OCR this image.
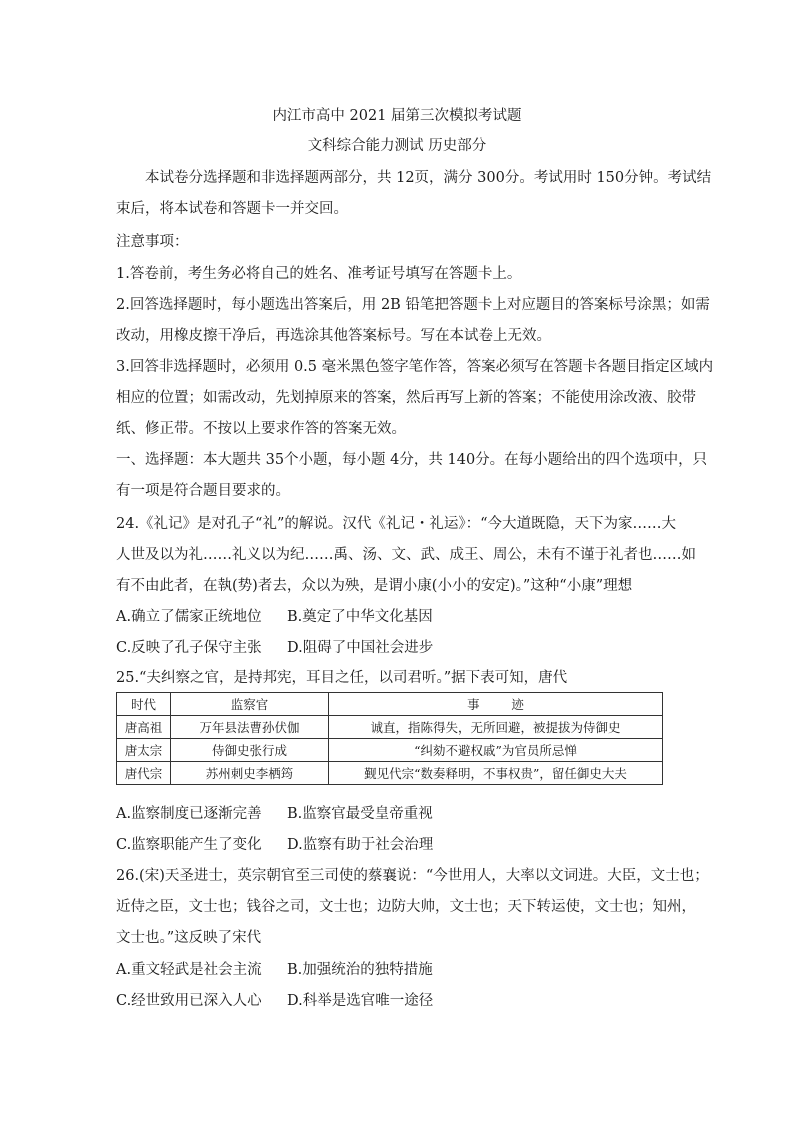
内江市高中 2021 届第三次模拟考试题
文科综合能力测试 历史部分
本试卷分选择题和非选择题两部分，共 12页，满分 300分。考试用时 150分钟。考试结
束后，将本试卷和答题卡一并交回。
注意事项：
1.答卷前，考生务必将自己的姓名、准考证号填写在答题卡上。
2.回答选择题时，每小题选出答案后，用 2B 铅笔把答题卡上对应题目的答案标号涂黑；如需
改动，用橡皮擦干净后，再选涂其他答案标号。写在本试卷上无效。
3.回答非选择题时，必须用 0.5 毫米黑色签字笔作答，答案必须写在答题卡各题目指定区域内
相应的位置；如需改动，先划掉原来的答案，然后再写上新的答案；不能使用涂改液、胶带
纸、修正带。不按以上要求作答的答案无效。
一、选择题：本大题共 35个小题，每小题 4分，共 140分。在每小题给出的四个选项中，只
有一项是符合题目要求的。
24.《礼记》是对孔子“礼”的解说。汉代《礼记・礼运》：“今大道既隐，天下为家……大
人世及以为礼……礼义以为纪……禹、汤、文、武、成王、周公，未有不谨于礼者也……如
有不由此者，在執(势)者去，众以为殃，是谓小康(小小的安定)。”这种“小康”理想
A.确立了儒家正统地位 B.奠定了中华文化基因
C.反映了孔子保守主张 D.阻碍了中国社会进步
25.“夫纠察之官，是持邦宪，耳目之任，以司君听。”据下表可知，唐代
时代	监察官	事        迹
唐高祖	万年县法曹孙伏伽	诚直，指陈得失，无所回避，被提拔为侍御史
唐太宗	侍御史张行成	“纠劾不避权戚”为官员所忌惮
唐代宗	苏州刺史李栖筠	觐见代宗“数奏释明，不事权贵”，留任御史大夫
A.监察制度已逐渐完善 B.监察官最受皇帝重视
C.监察职能产生了变化 D.监察有助于社会治理
26.(宋)天圣进士，英宗朝官至三司使的蔡襄说：“今世用人，大率以文词进。大臣，文士也；
近侍之臣，文士也；钱谷之司，文士也；边防大帅，文士也；天下转运使，文士也；知州，
文士也。”这反映了宋代
A.重文轻武是社会主流 B.加强统治的独特措施
C.经世致用已深入人心 D.科举是选官唯一途径
